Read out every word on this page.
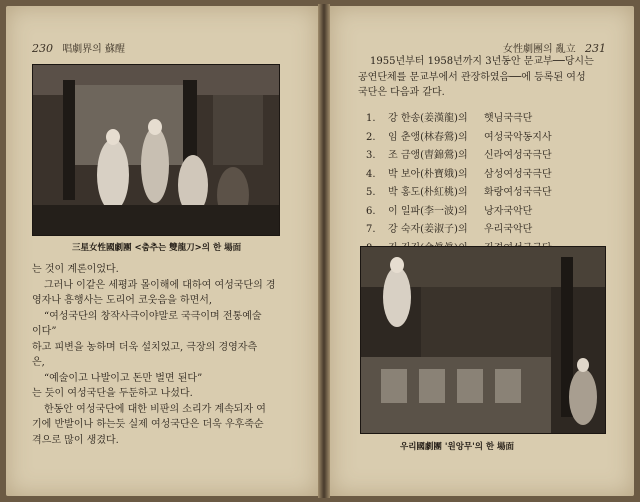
230 唱劇界의 蘇醒
三星女性國劇團 <춤추는 雙龍刀>의 한 場面

는 것이 계론이었다.

그러나 이같은 세평과 몰이해에 대하여 여성국단의 경

영자나 흥행사는 도리어 코웃음을 하면서,

“여성국단의 창작사극이야말로 국극이며 전통예술

이다”

하고 피변을 농하며 더욱 설치었고, 극장의 경영자측

은,

“예술이고 나발이고 돈만 벌면 된다”

는 듯이 여성국단을 두둔하고 나섰다.

한동안 여성국단에 대한 비판의 소리가 계속되자 여

기에 반발이나 하는듯 실제 여성국단은 더욱 우후죽순

격으로 많이 생겼다.

女性劇團의 亂立 231

1955년부터 1958년까지 3년동안 문교부──당시는

공연단체를 문교부에서 관장하였음──에 등록된 여성

국단은 다음과 같다.

1. 강 한송(姜漢龍)의 햇님국극단
2. 임 춘앵(林春鶯)의 여성국악동지사
3. 조 금앵(曺錦鶯)의 신라여성국극단
4. 박 보아(朴寶娥)의 삼성여성국극단
5. 박 홍도(朴紅桃)의 화랑여성국극단
6. 이 일파(李一波)의 낭자국악단
7. 강 숙자(姜淑子)의 우리국악단
우리國劇團 '원앙무'의 한 場面
